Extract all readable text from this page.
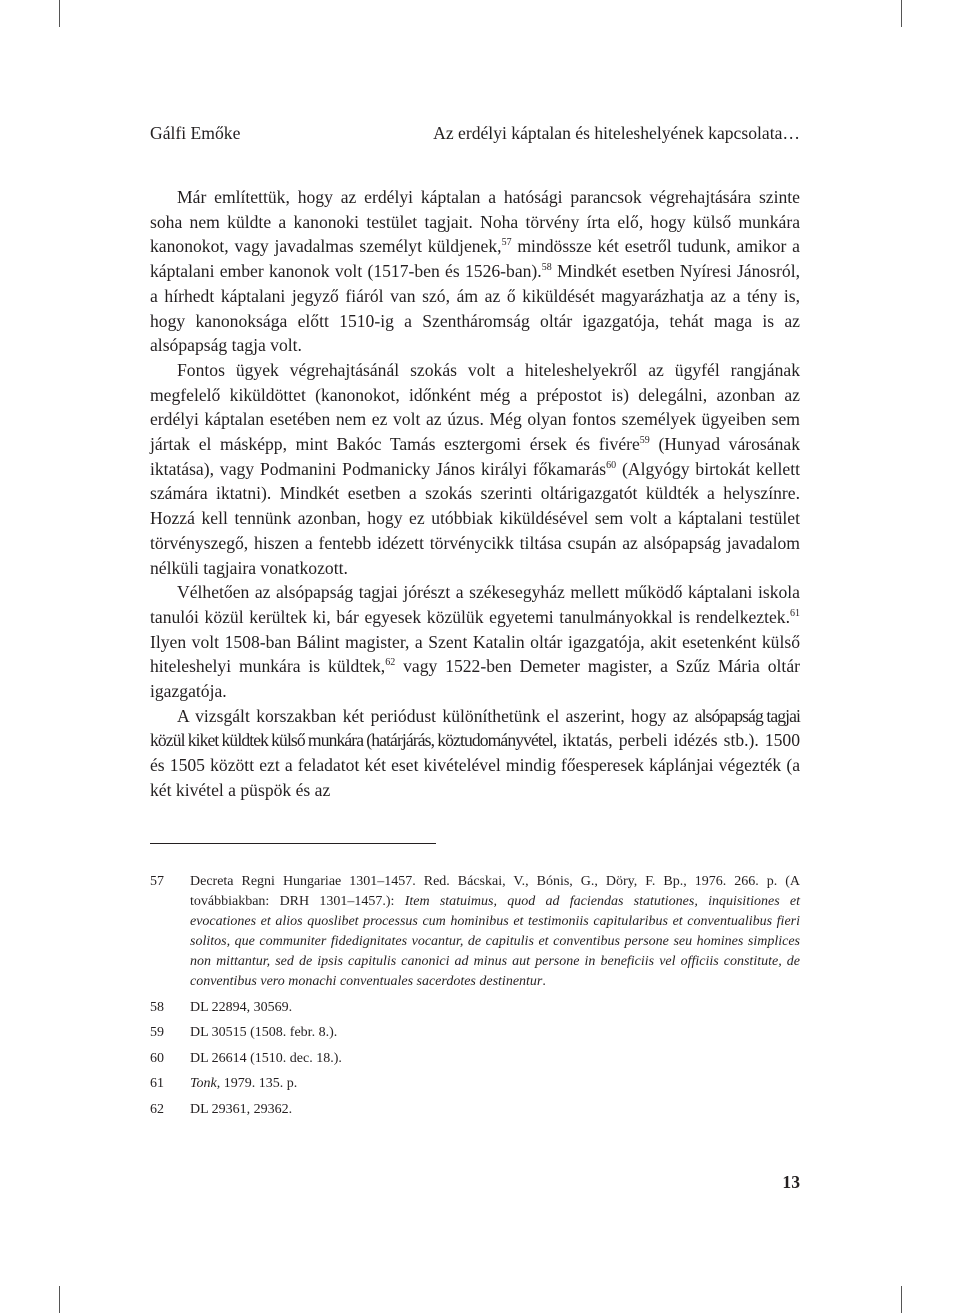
Gálfi Emőke	Az erdélyi káptalan és hiteleshelyének kapcsolata…

Már említettük, hogy az erdélyi káptalan a hatósági parancsok végrehajtására szinte soha nem küldte a kanonoki testület tagjait. Noha törvény írta elő, hogy külső munkára kanonokot, vagy javadalmas személyt küldjenek,$^{57}$ mindössze két esetről tudunk, amikor a káptalani ember kanonok volt (1517-ben és 1526-ban).$^{58}$ Mindkét esetben Nyíresi Jánosról, a hírhedt káptalani jegyző fiáról van szó, ám az ő kiküldését magyarázhatja az a tény is, hogy kanonoksága előtt 1510-ig a Szentháromság oltár igazgatója, tehát maga is az alsópapság tagja volt.

Fontos ügyek végrehajtásánál szokás volt a hiteleshelyekről az ügyfél rangjának megfelelő kiküldöttet (kanonokot, időnként még a prépostot is) delegálni, azonban az erdélyi káptalan esetében nem ez volt az úzus. Még olyan fontos személyek ügyeiben sem jártak el másképp, mint Bakóc Tamás esztergomi érsek és fivére$^{59}$ (Hunyad városának iktatása), vagy Podmanini Podmanicky János királyi főkamarás$^{60}$ (Algyógy birtokát kellett számára iktatni). Mindkét esetben a szokás szerinti oltárigazgatót küldték a helyszínre. Hozzá kell tennünk azonban, hogy ez utóbbiak kiküldésével sem volt a káptalani testület törvényszegő, hiszen a fentebb idézett törvénycikk tiltása csupán az alsópapság javadalom nélküli tagjaira vonatkozott.

Vélhetően az alsópapság tagjai jórészt a székesegyház mellett működő káptalani iskola tanulói közül kerültek ki, bár egyesek közülük egyetemi tanulmányokkal is rendelkeztek.$^{61}$ Ilyen volt 1508-ban Bálint magister, a Szent Katalin oltár igazgatója, akit esetenként külső hiteleshelyi munkára is küldtek,$^{62}$ vagy 1522-ben Demeter magister, a Szűz Mária oltár igazgatója.

A vizsgált korszakban két periódust különíthetünk el aszerint, hogy az alsópapság tagjai közül kiket küldtek külső munkára (határjárás, köztudományvétel, iktatás, perbeli idézés stb.). 1500 és 1505 között ezt a feladatot két eset kivételével mindig főesperesek káplánjai végezték (a két kivétel a püspök és az

57 Decreta Regni Hungariae 1301–1457. Red. Bácskai, V., Bónis, G., Döry, F. Bp., 1976. 266. p. (A továbbiakban: DRH 1301–1457.): Item statuimus, quod ad faciendas statutiones, inquisitiones et evocationes et alios quoslibet processus cum hominibus et testimoniis capitularibus et conventualibus fieri solitos, que communiter fidedignitates vocantur, de capitulis et conventibus persone seu homines simplices non mittantur, sed de ipsis capitulis canonici ad minus aut persone in beneficiis vel officiis constitute, de conventibus vero monachi conventuales sacerdotes destinentur.
58 DL 22894, 30569.
59 DL 30515 (1508. febr. 8.).
60 DL 26614 (1510. dec. 18.).
61 Tonk, 1979. 135. p.
62 DL 29361, 29362.
13
